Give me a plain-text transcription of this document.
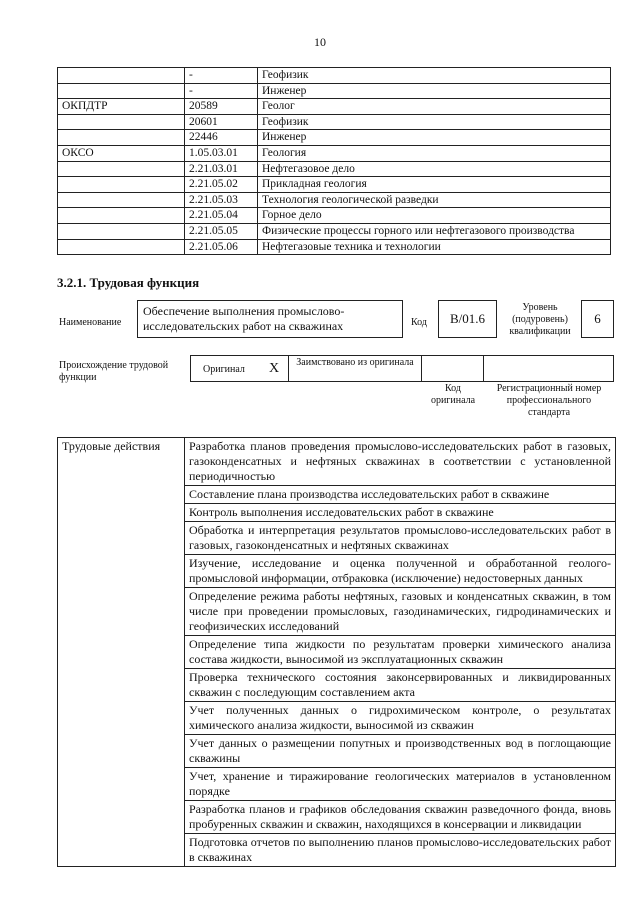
10
	-	Геофизик
	-	Инженер
ОКПДТР	20589	Геолог
	20601	Геофизик
	22446	Инженер
ОКСО	1.05.03.01	Геология
	2.21.03.01	Нефтегазовое дело
	2.21.05.02	Прикладная геология
	2.21.05.03	Технология геологической разведки
	2.21.05.04	Горное дело
	2.21.05.05	Физические процессы горного или нефтегазового производства
	2.21.05.06	Нефтегазовые техника и технологии
3.2.1. Трудовая функция
Наименование
Обеспечение выполнения промыслово-исследовательских работ на скважинах	Код	В/01.6
Уровень (подуровень) квалификации
6
Происхождение трудовой функции
Оригинал X	Заимствовано из оригинала
Код оригинала
Регистрационный номер профессионального стандарта
Трудовые действия	Разработка планов проведения промыслово-исследовательских работ в газовых, газоконденсатных и нефтяных скважинах в соответствии с установленной периодичностью
Составление плана производства исследовательских работ в скважине
Контроль выполнения исследовательских работ в скважине
Обработка и интерпретация результатов промыслово-исследовательских работ в газовых, газоконденсатных и нефтяных скважинах
Изучение, исследование и оценка полученной и обработанной геолого-промысловой информации, отбраковка (исключение) недостоверных данных
Определение режима работы нефтяных, газовых и конденсатных скважин, в том числе при проведении промысловых, газодинамических, гидродинамических и геофизических исследований
Определение типа жидкости по результатам проверки химического анализа состава жидкости, выносимой из эксплуатационных скважин
Проверка технического состояния законсервированных и ликвидированных скважин с последующим составлением акта
Учет полученных данных о гидрохимическом контроле, о результатах химического анализа жидкости, выносимой из скважин
Учет данных о размещении попутных и производственных вод в поглощающие скважины
Учет, хранение и тиражирование геологических материалов в установленном порядке
Разработка планов и графиков обследования скважин разведочного фонда, вновь пробуренных скважин и скважин, находящихся в консервации и ликвидации
Подготовка отчетов по выполнению планов промыслово-исследовательских работ в скважинах
